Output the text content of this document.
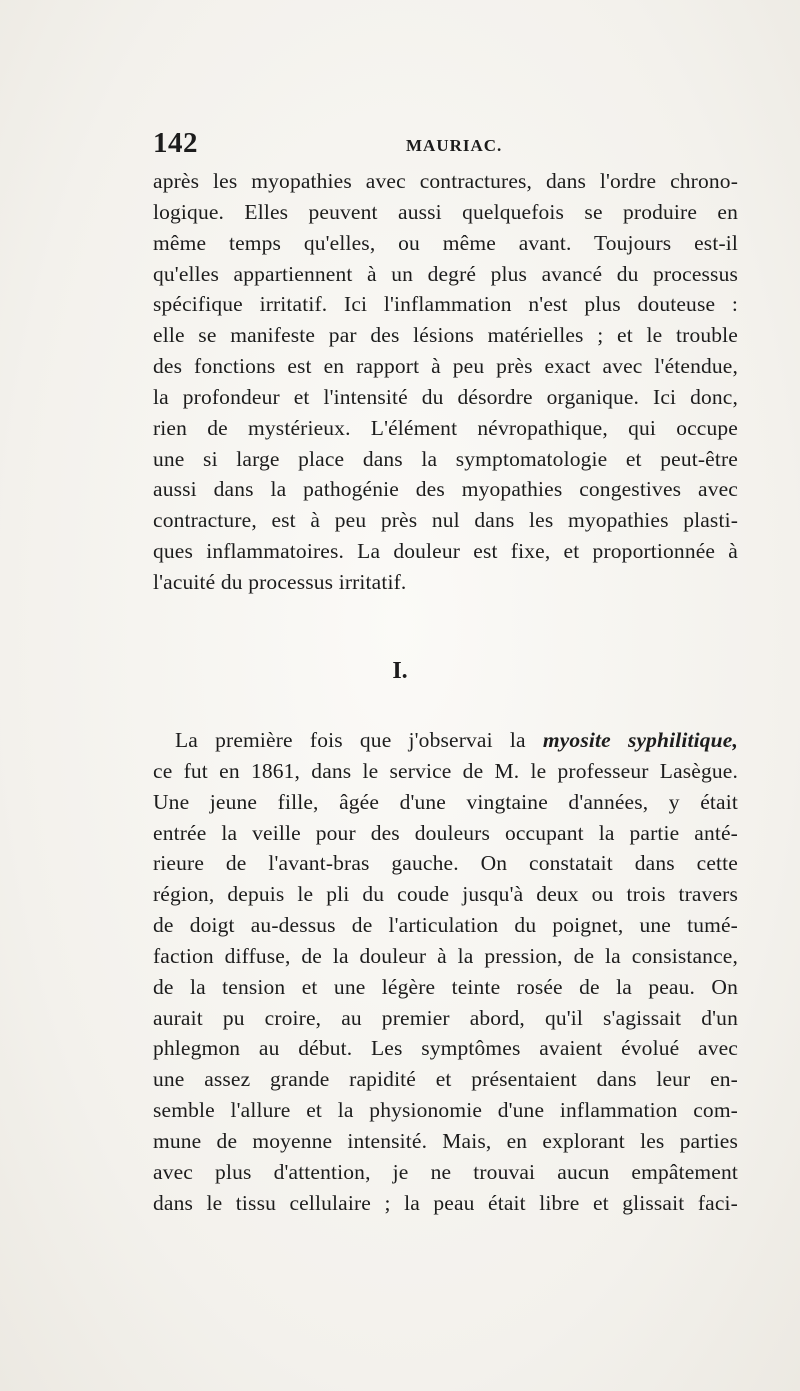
142	MAURIAC.
après les myopathies avec contractures, dans l'ordre chrono-
logique. Elles peuvent aussi quelquefois se produire en
même temps qu'elles, ou même avant. Toujours est-il
qu'elles appartiennent à un degré plus avancé du processus
spécifique irritatif. Ici l'inflammation n'est plus douteuse :
elle se manifeste par des lésions matérielles ; et le trouble
des fonctions est en rapport à peu près exact avec l'étendue,
la profondeur et l'intensité du désordre organique. Ici donc,
rien de mystérieux. L'élément névropathique, qui occupe
une si large place dans la symptomatologie et peut-être
aussi dans la pathogénie des myopathies congestives avec
contracture, est à peu près nul dans les myopathies plasti-
ques inflammatoires. La douleur est fixe, et proportionnée à
l'acuité du processus irritatif.
I.
La première fois que j'observai la myosite syphilitique,
ce fut en 1861, dans le service de M. le professeur Lasègue.
Une jeune fille, âgée d'une vingtaine d'années, y était
entrée la veille pour des douleurs occupant la partie anté-
rieure de l'avant-bras gauche. On constatait dans cette
région, depuis le pli du coude jusqu'à deux ou trois travers
de doigt au-dessus de l'articulation du poignet, une tumé-
faction diffuse, de la douleur à la pression, de la consistance,
de la tension et une légère teinte rosée de la peau. On
aurait pu croire, au premier abord, qu'il s'agissait d'un
phlegmon au début. Les symptômes avaient évolué avec
une assez grande rapidité et présentaient dans leur en-
semble l'allure et la physionomie d'une inflammation com-
mune de moyenne intensité. Mais, en explorant les parties
avec plus d'attention, je ne trouvai aucun empâtement
dans le tissu cellulaire ; la peau était libre et glissait faci-
